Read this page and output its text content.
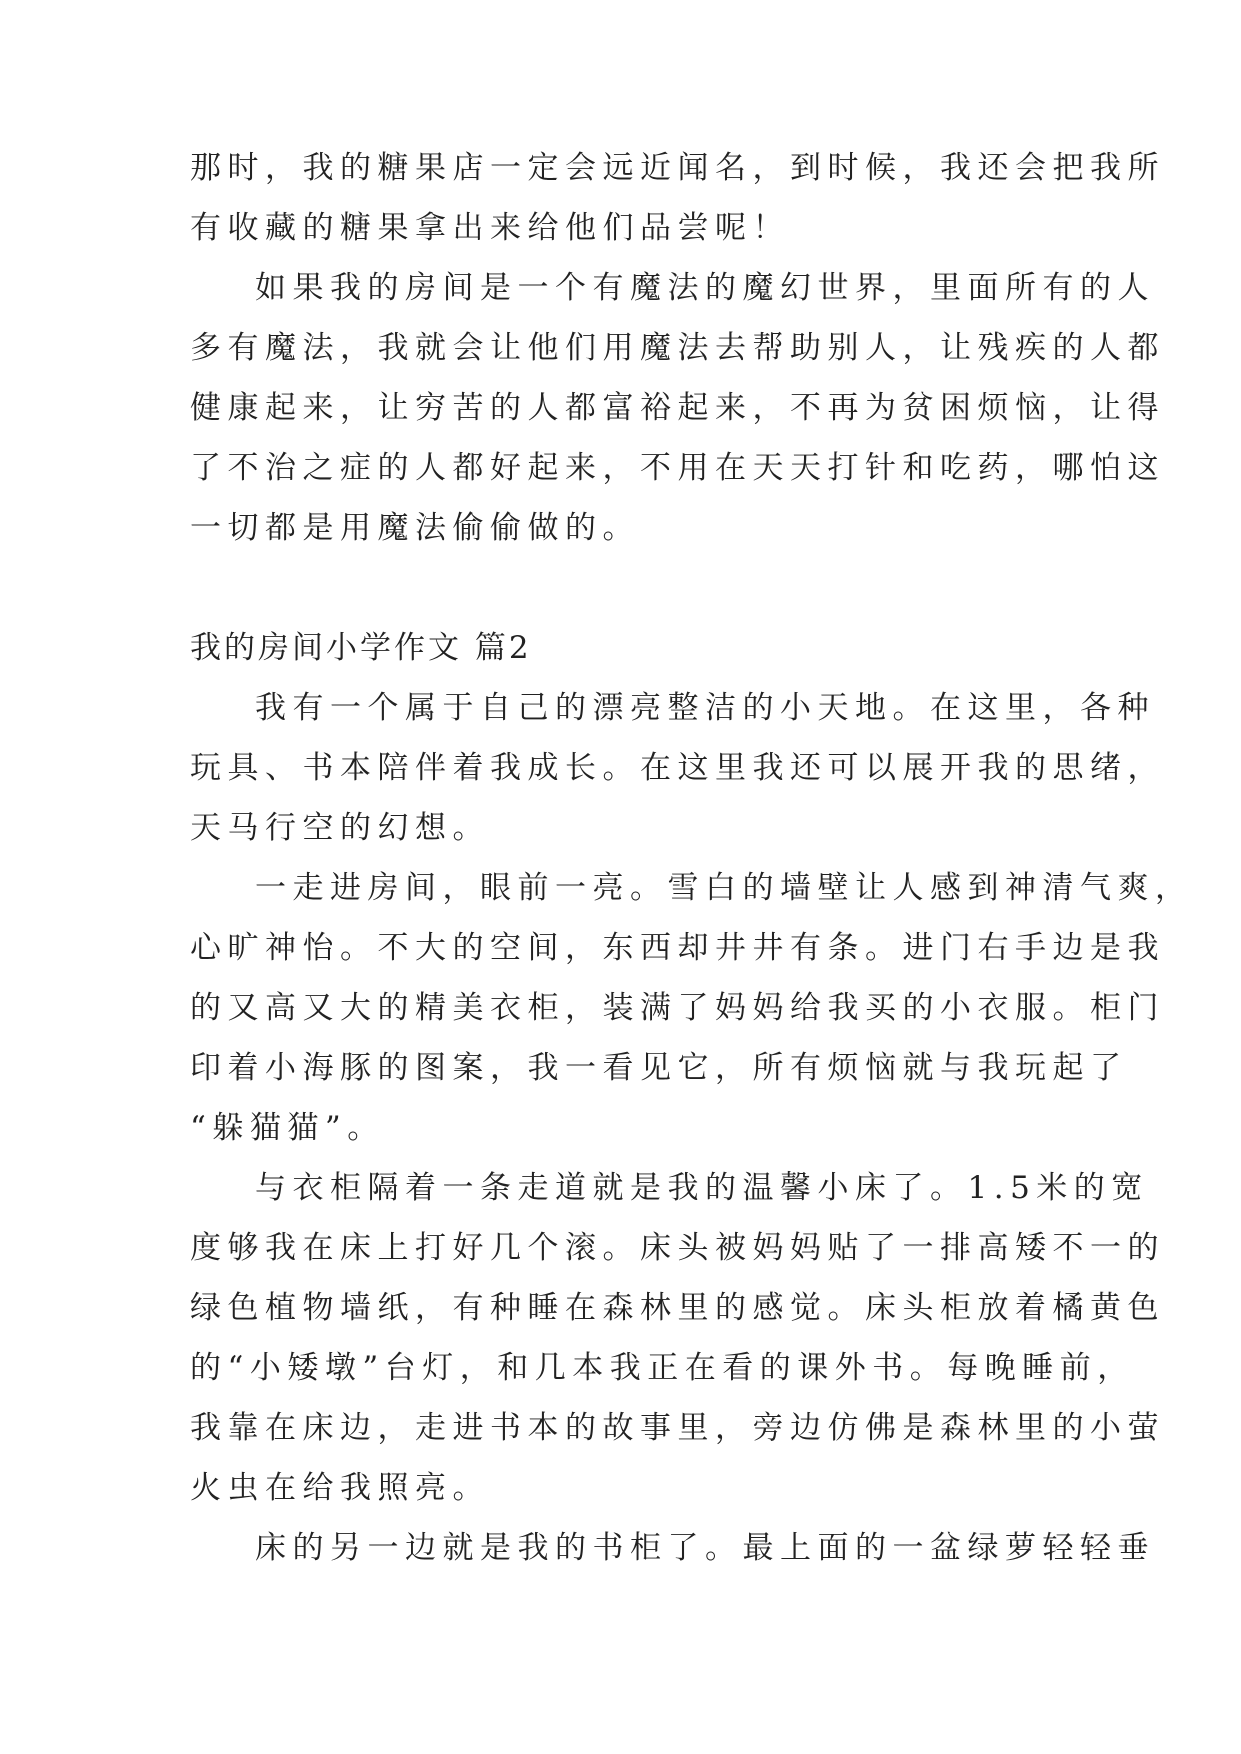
那时，我的糖果店一定会远近闻名，到时候，我还会把我所
有收藏的糖果拿出来给他们品尝呢！
如果我的房间是一个有魔法的魔幻世界，里面所有的人
多有魔法，我就会让他们用魔法去帮助别人，让残疾的人都
健康起来，让穷苦的人都富裕起来，不再为贫困烦恼，让得
了不治之症的人都好起来，不用在天天打针和吃药，哪怕这
一切都是用魔法偷偷做的。
我的房间小学作文 篇2
我有一个属于自己的漂亮整洁的小天地。在这里，各种
玩具、书本陪伴着我成长。在这里我还可以展开我的思绪，
天马行空的幻想。
一走进房间，眼前一亮。雪白的墙壁让人感到神清气爽，
心旷神怡。不大的空间，东西却井井有条。进门右手边是我
的又高又大的精美衣柜，装满了妈妈给我买的小衣服。柜门
印着小海豚的图案，我一看见它，所有烦恼就与我玩起了
“躲猫猫”。
与衣柜隔着一条走道就是我的温馨小床了。1.5米的宽
度够我在床上打好几个滚。床头被妈妈贴了一排高矮不一的
绿色植物墙纸，有种睡在森林里的感觉。床头柜放着橘黄色
的“小矮墩”台灯，和几本我正在看的课外书。每晚睡前，
我靠在床边，走进书本的故事里，旁边仿佛是森林里的小萤
火虫在给我照亮。
床的另一边就是我的书柜了。最上面的一盆绿萝轻轻垂
